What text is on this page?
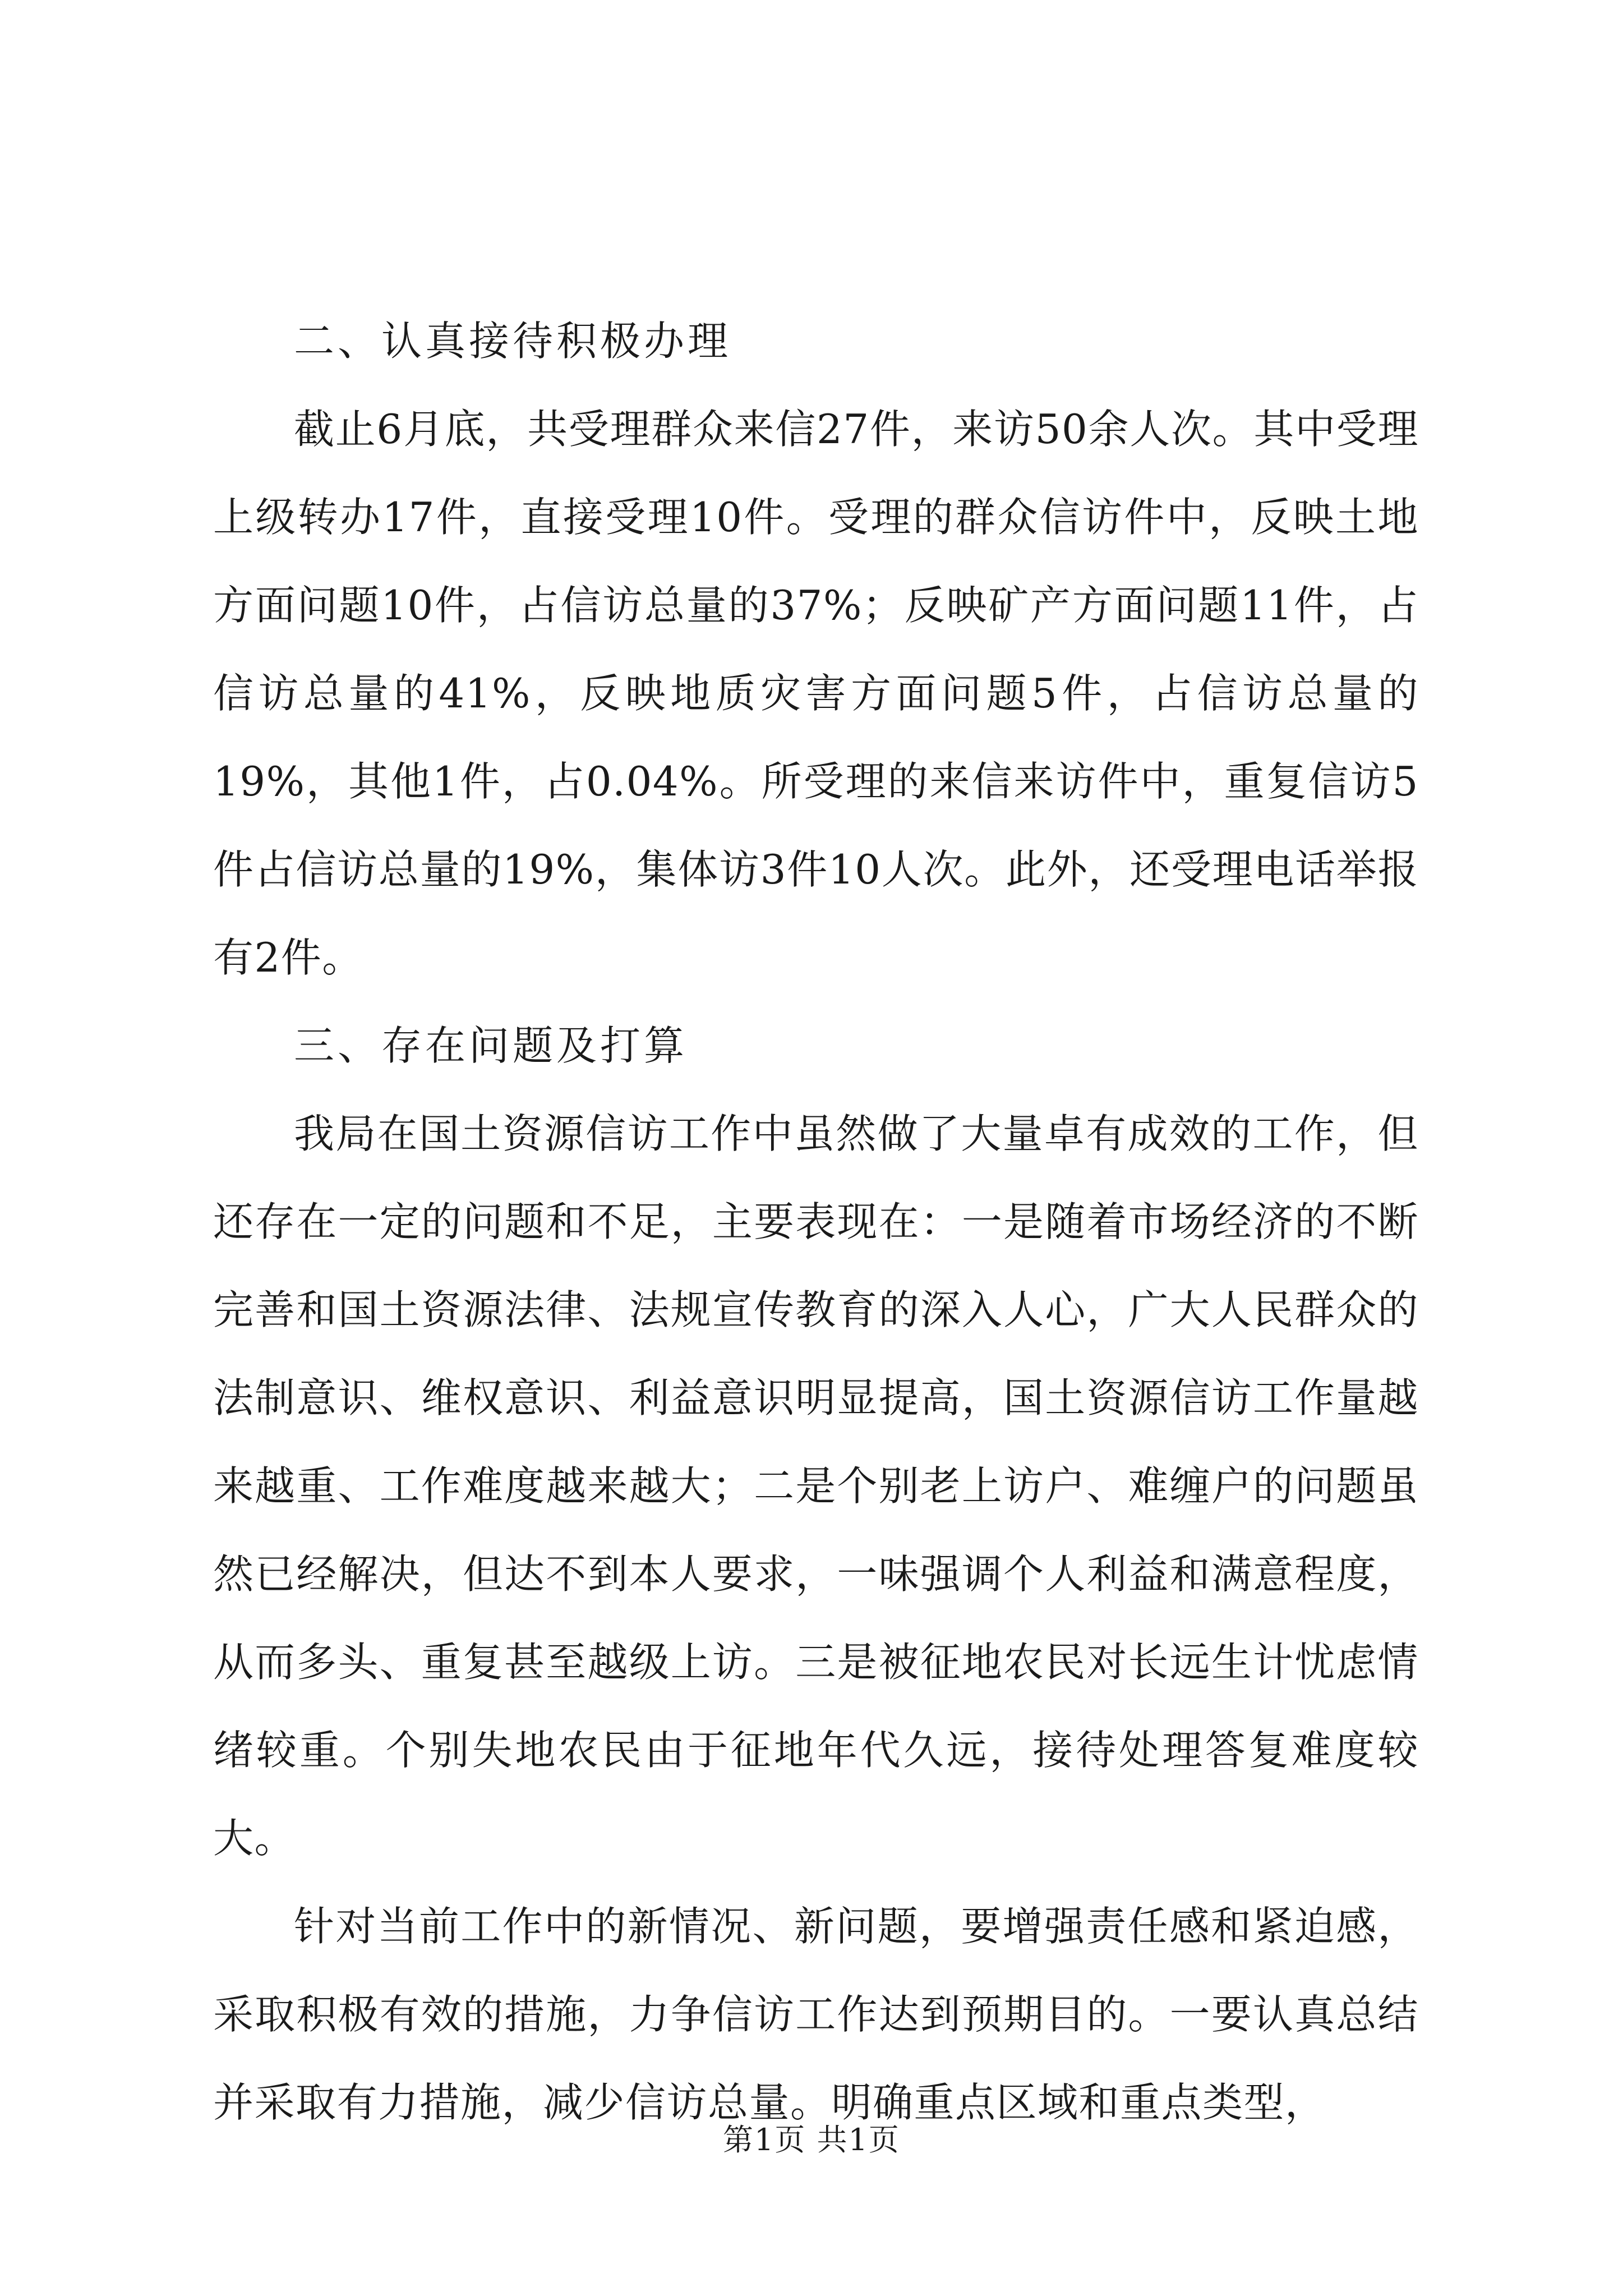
二、认真接待积极办理

截止6月底，共受理群众来信27件，来访50余人次。其中受理上级转办17件，直接受理10件。受理的群众信访件中，反映土地方面问题10件，占信访总量的37%；反映矿产方面问题11件，占信访总量的41%，反映地质灾害方面问题5件，占信访总量的19%，其他1件，占0.04%。所受理的来信来访件中，重复信访5件占信访总量的19%，集体访3件10人次。此外，还受理电话举报有2件。

三、存在问题及打算

我局在国土资源信访工作中虽然做了大量卓有成效的工作，但还存在一定的问题和不足，主要表现在：一是随着市场经济的不断完善和国土资源法律、法规宣传教育的深入人心，广大人民群众的法制意识、维权意识、利益意识明显提高，国土资源信访工作量越来越重、工作难度越来越大；二是个别老上访户、难缠户的问题虽然已经解决，但达不到本人要求，一味强调个人利益和满意程度，从而多头、重复甚至越级上访。三是被征地农民对长远生计忧虑情绪较重。个别失地农民由于征地年代久远，接待处理答复难度较大。

针对当前工作中的新情况、新问题，要增强责任感和紧迫感，采取积极有效的措施，力争信访工作达到预期目的。一要认真总结并采取有力措施，减少信访总量。明确重点区域和重点类型，

第1页 共1页
